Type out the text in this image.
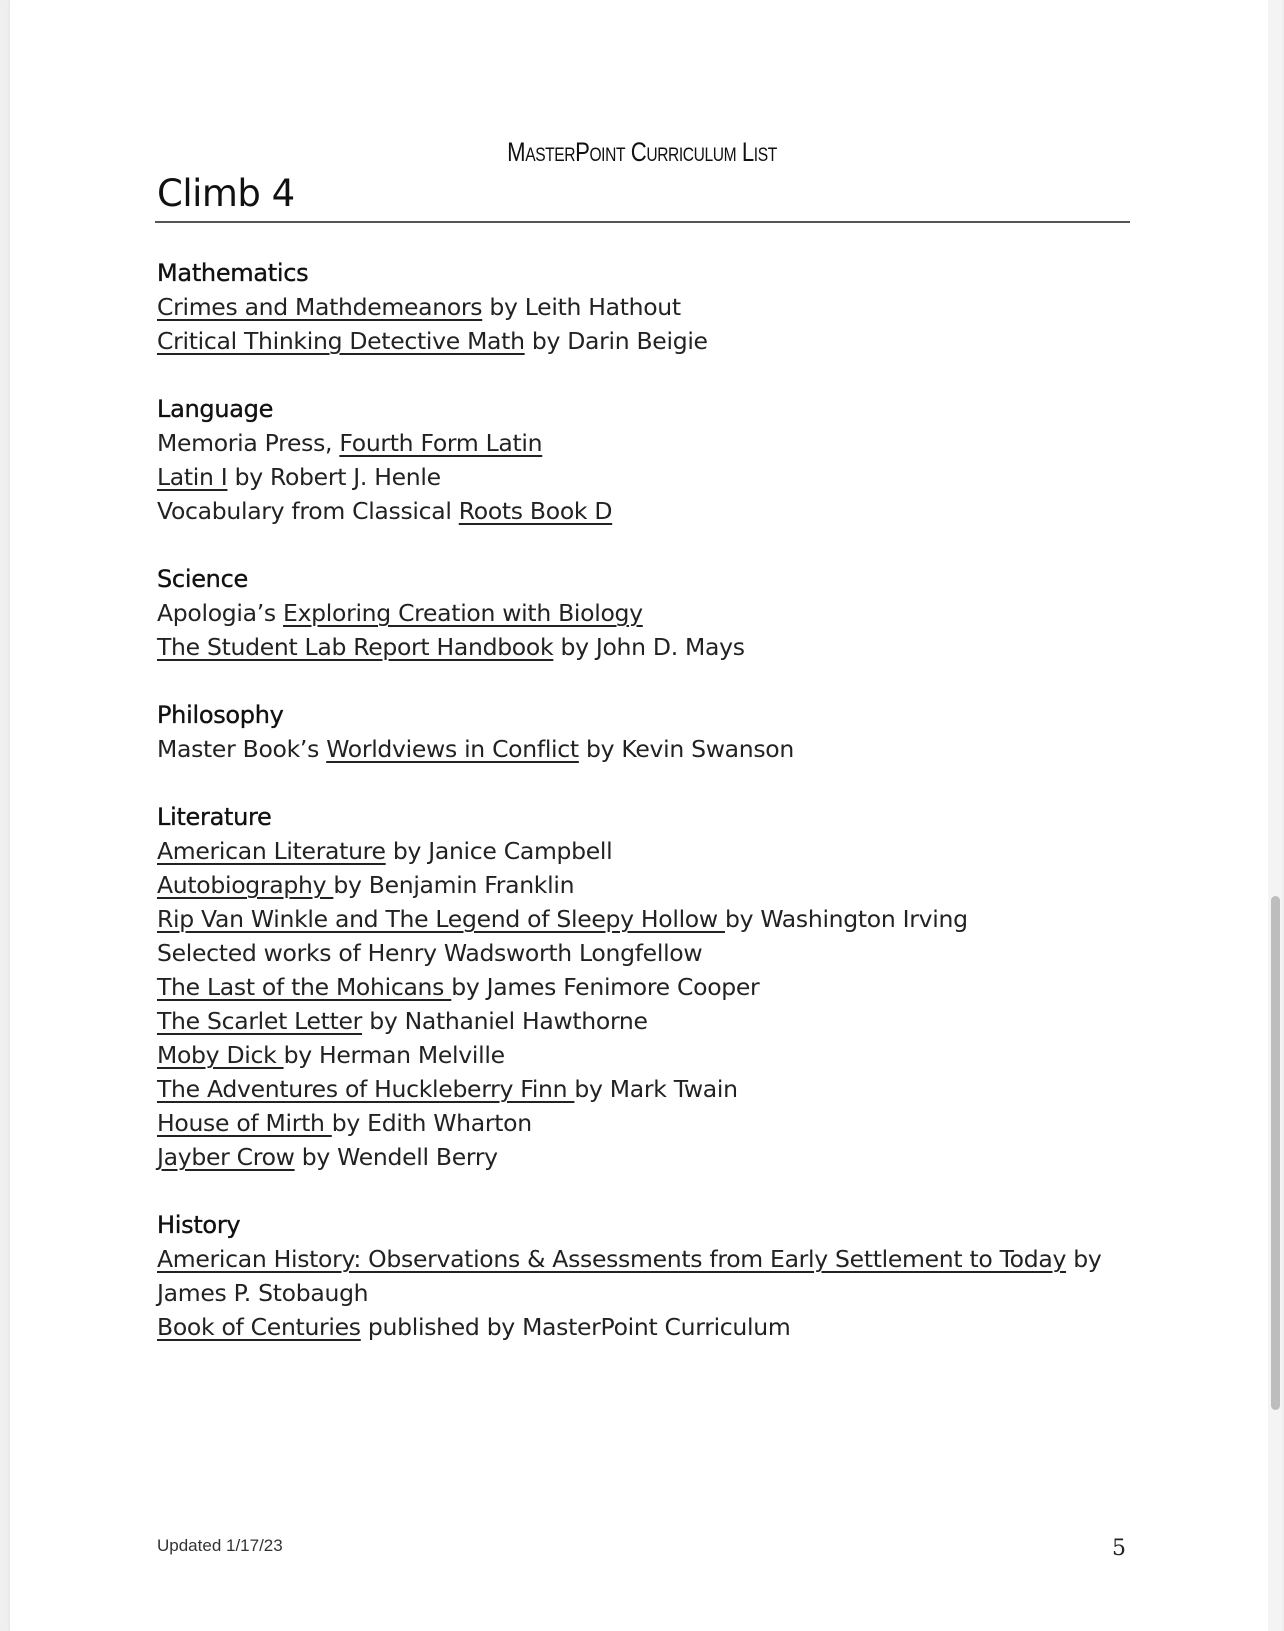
MasterPoint Curriculum List
Climb 4
Mathematics
Crimes and Mathdemeanors by Leith Hathout
Critical Thinking Detective Math by Darin Beigie
Language
Memoria Press, Fourth Form Latin
Latin I by Robert J. Henle
Vocabulary from Classical Roots Book D
Science
Apologia’s Exploring Creation with Biology
The Student Lab Report Handbook by John D. Mays
Philosophy
Master Book’s Worldviews in Conflict by Kevin Swanson
Literature
American Literature by Janice Campbell
Autobiography by Benjamin Franklin
Rip Van Winkle and The Legend of Sleepy Hollow by Washington Irving
Selected works of Henry Wadsworth Longfellow
The Last of the Mohicans by James Fenimore Cooper
The Scarlet Letter by Nathaniel Hawthorne
Moby Dick by Herman Melville
The Adventures of Huckleberry Finn by Mark Twain
House of Mirth by Edith Wharton
Jayber Crow by Wendell Berry
History
American History: Observations & Assessments from Early Settlement to Today by
James P. Stobaugh
Book of Centuries published by MasterPoint Curriculum
Updated 1/17/23	5
